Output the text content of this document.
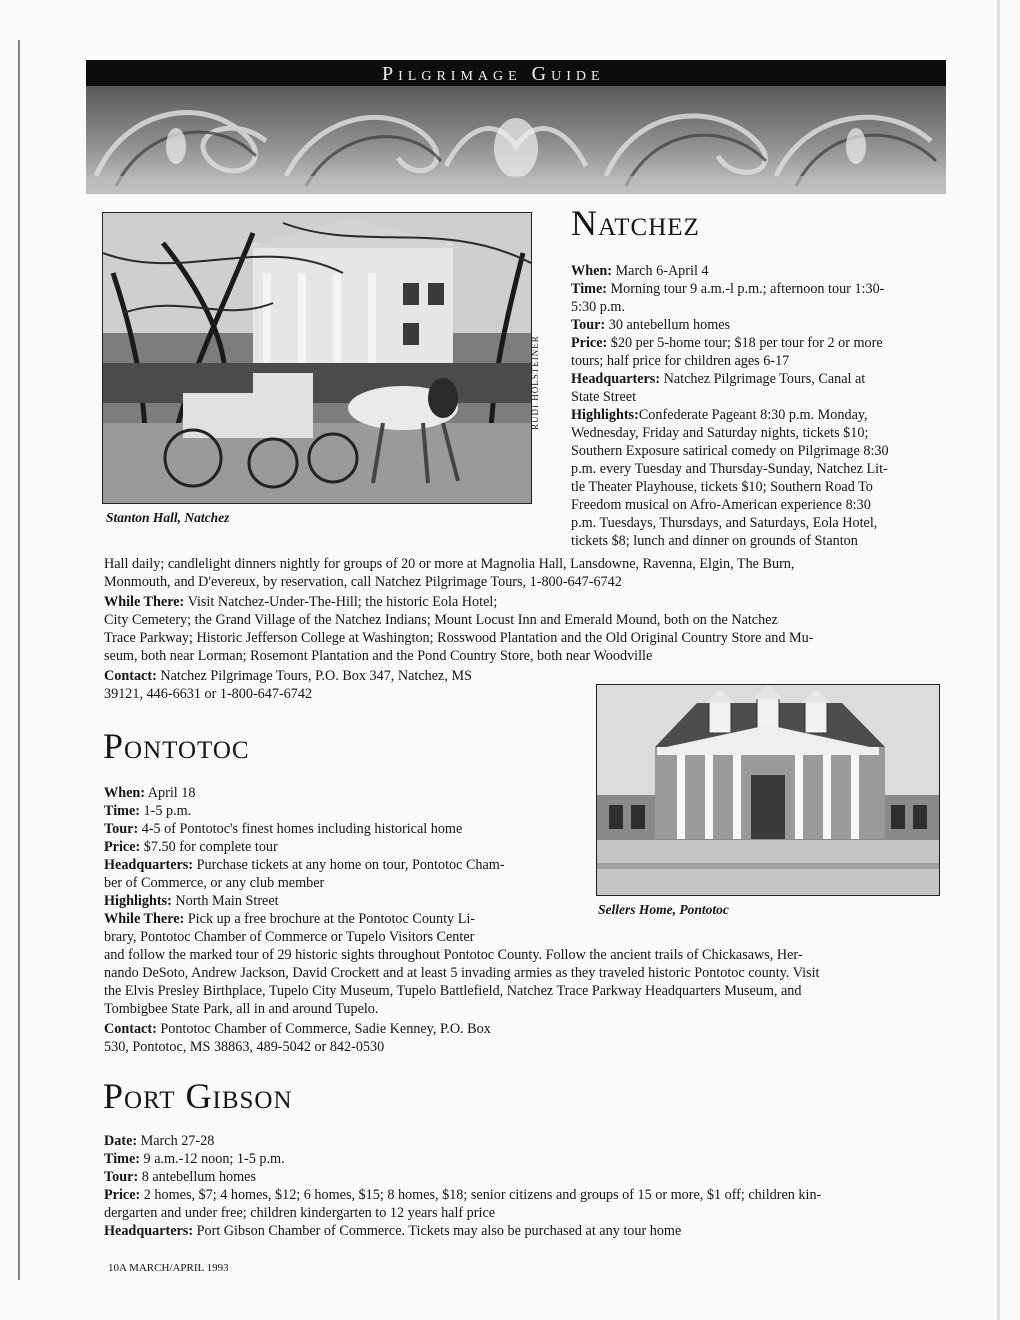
Pilgrimage Guide
RUDI HOLSTEINER
Stanton Hall, Natchez
Natchez
When: March 6-April 4
Time: Morning tour 9 a.m.-l p.m.; afternoon tour 1:30-
5:30 p.m.
Tour: 30 antebellum homes
Price: $20 per 5-home tour; $18 per tour for 2 or more
tours; half price for children ages 6-17
Headquarters: Natchez Pilgrimage Tours, Canal at
State Street
Highlights:Confederate Pageant 8:30 p.m. Monday,
Wednesday, Friday and Saturday nights, tickets $10;
Southern Exposure satirical comedy on Pilgrimage 8:30
p.m. every Tuesday and Thursday-Sunday, Natchez Lit-
tle Theater Playhouse, tickets $10; Southern Road To
Freedom musical on Afro-American experience 8:30
p.m. Tuesdays, Thursdays, and Saturdays, Eola Hotel,
tickets $8; lunch and dinner on grounds of Stanton
Hall daily; candlelight dinners nightly for groups of 20 or more at Magnolia Hall, Lansdowne, Ravenna, Elgin, The Burn,
Monmouth, and D'evereux, by reservation, call Natchez Pilgrimage Tours, 1-800-647-6742
While There: Visit Natchez-Under-The-Hill; the historic Eola Hotel;
City Cemetery; the Grand Village of the Natchez Indians; Mount Locust Inn and Emerald Mound, both on the Natchez
Trace Parkway; Historic Jefferson College at Washington; Rosswood Plantation and the Old Original Country Store and Mu-
seum, both near Lorman; Rosemont Plantation and the Pond Country Store, both near Woodville
Contact: Natchez Pilgrimage Tours, P.O. Box 347, Natchez, MS
39121, 446-6631 or 1-800-647-6742
Sellers Home, Pontotoc
Pontotoc
When: April 18
Time: 1-5 p.m.
Tour: 4-5 of Pontotoc's finest homes including historical home
Price: $7.50 for complete tour
Headquarters: Purchase tickets at any home on tour, Pontotoc Cham-
ber of Commerce, or any club member
Highlights: North Main Street
While There: Pick up a free brochure at the Pontotoc County Li-
brary, Pontotoc Chamber of Commerce or Tupelo Visitors Center
and follow the marked tour of 29 historic sights throughout Pontotoc County. Follow the ancient trails of Chickasaws, Her-
nando DeSoto, Andrew Jackson, David Crockett and at least 5 invading armies as they traveled historic Pontotoc county. Visit
the Elvis Presley Birthplace, Tupelo City Museum, Tupelo Battlefield, Natchez Trace Parkway Headquarters Museum, and
Tombigbee State Park, all in and around Tupelo.
Contact: Pontotoc Chamber of Commerce, Sadie Kenney, P.O. Box
530, Pontotoc, MS 38863, 489-5042 or 842-0530
Port Gibson
Date: March 27-28
Time: 9 a.m.-12 noon; 1-5 p.m.
Tour: 8 antebellum homes
Price: 2 homes, $7; 4 homes, $12; 6 homes, $15; 8 homes, $18; senior citizens and groups of 15 or more, $1 off; children kin-
dergarten and under free; children kindergarten to 12 years half price
Headquarters: Port Gibson Chamber of Commerce. Tickets may also be purchased at any tour home
10A MARCH/APRIL 1993
